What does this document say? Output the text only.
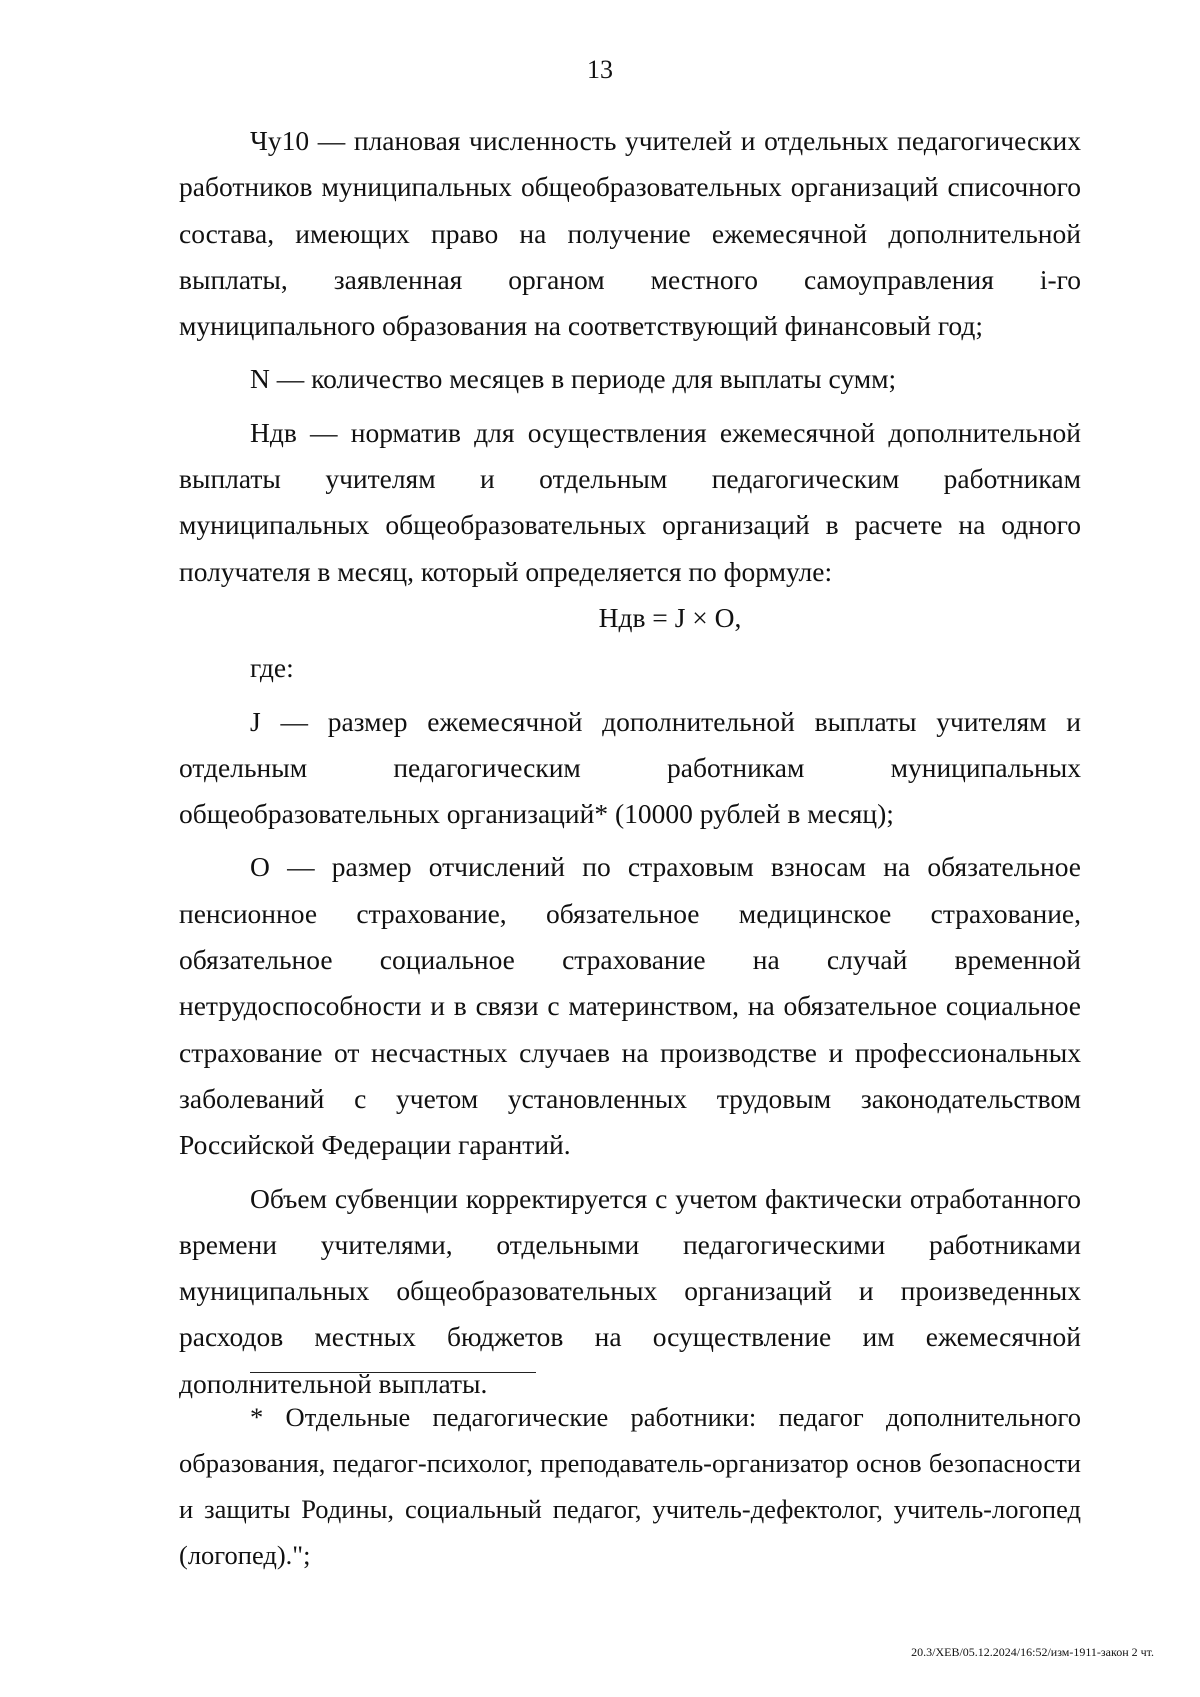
13

Чу10 — плановая численность учителей и отдельных педагогических работников муниципальных общеобразовательных организаций списочного состава, имеющих право на получение ежемесячной дополнительной выплаты, заявленная органом местного самоуправления i-го муниципального образования на соответствующий финансовый год;

N — количество месяцев в периоде для выплаты сумм;

Ндв — норматив для осуществления ежемесячной дополнительной выплаты учителям и отдельным педагогическим работникам муниципальных общеобразовательных организаций в расчете на одного получателя в месяц, который определяется по формуле:

Ндв = J × O,

где:

J — размер ежемесячной дополнительной выплаты учителям и отдельным педагогическим работникам муниципальных общеобразовательных организаций* (10000 рублей в месяц);

O — размер отчислений по страховым взносам на обязательное пенсионное страхование, обязательное медицинское страхование, обязательное социальное страхование на случай временной нетрудоспособности и в связи с материнством, на обязательное социальное страхование от несчастных случаев на производстве и профессиональных заболеваний с учетом установленных трудовым законодательством Российской Федерации гарантий.

Объем субвенции корректируется с учетом фактически отработанного времени учителями, отдельными педагогическими работниками муниципальных общеобразовательных организаций и произведенных расходов местных бюджетов на осуществление им ежемесячной дополнительной выплаты.

* Отдельные педагогические работники: педагог дополнительного образования, педагог-психолог, преподаватель-организатор основ безопасности и защиты Родины, социальный педагог, учитель-дефектолог, учитель-логопед (логопед).";

20.3/ХЕВ/05.12.2024/16:52/изм-1911-закон 2 чт.
